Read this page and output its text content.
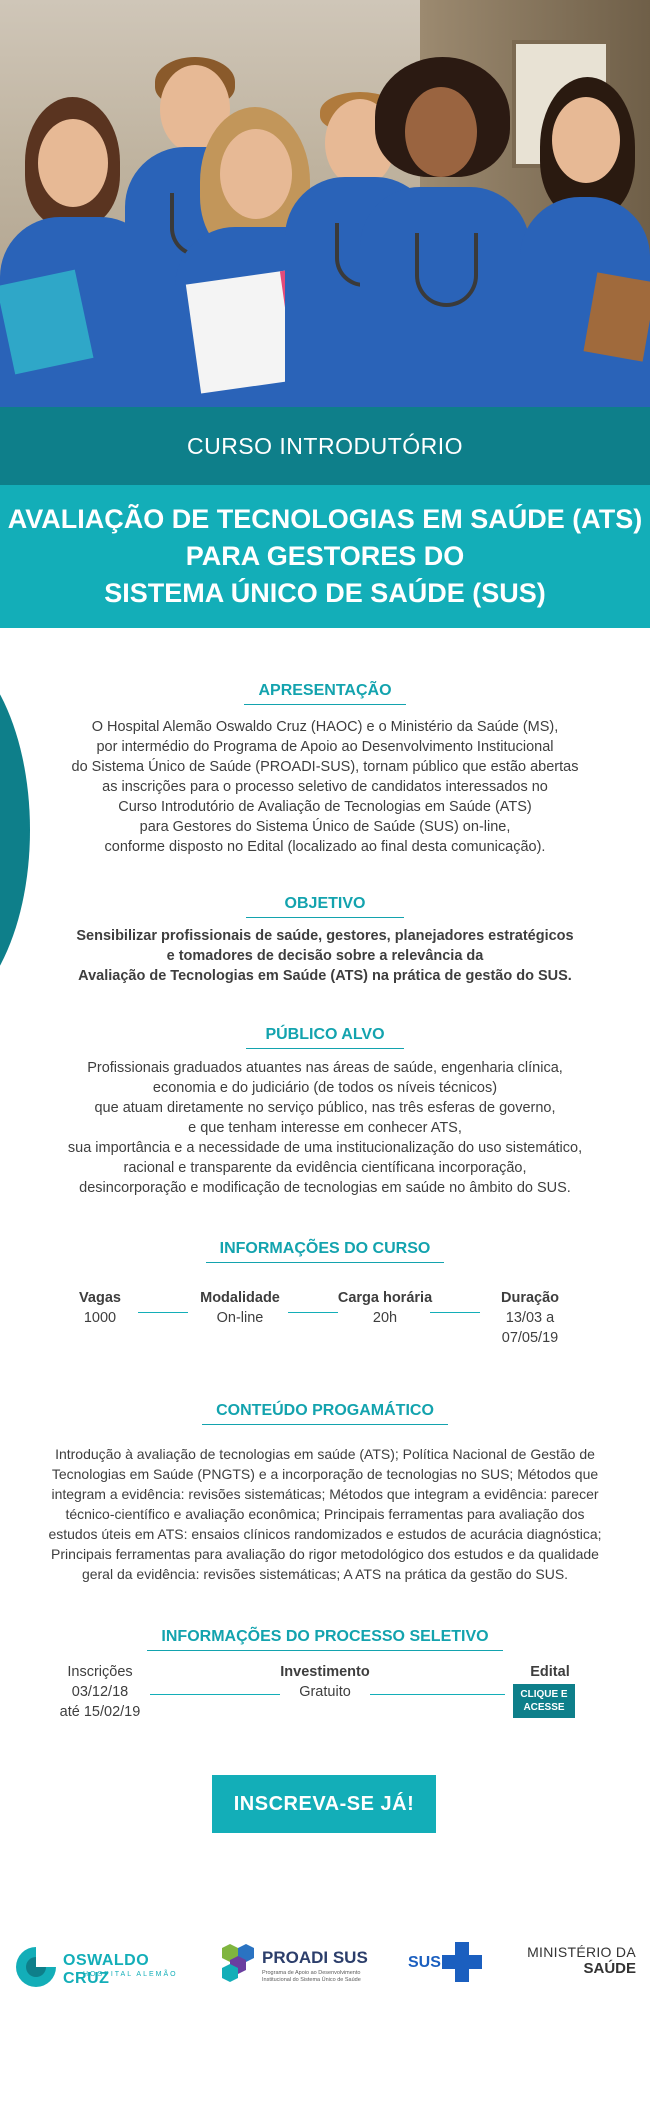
CURSO INTRODUTÓRIO
AVALIAÇÃO DE TECNOLOGIAS EM SAÚDE (ATS)
PARA GESTORES DO
SISTEMA ÚNICO DE SAÚDE (SUS)
APRESENTAÇÃO
O Hospital Alemão Oswaldo Cruz (HAOC) e o Ministério da Saúde (MS),
por intermédio do Programa de Apoio ao Desenvolvimento Institucional
do Sistema Único de Saúde (PROADI-SUS), tornam público que estão abertas
as inscrições para o processo seletivo de candidatos interessados no
Curso Introdutório de Avaliação de Tecnologias em Saúde (ATS)
para Gestores do Sistema Único de Saúde (SUS) on-line,
conforme disposto no Edital (localizado ao final desta comunicação).
OBJETIVO
Sensibilizar profissionais de saúde, gestores, planejadores estratégicos
e tomadores de decisão sobre a relevância da
Avaliação de Tecnologias em Saúde (ATS) na prática de gestão do SUS.
PÚBLICO ALVO
Profissionais graduados atuantes nas áreas de saúde, engenharia clínica,
economia e do judiciário (de todos os níveis técnicos)
que atuam diretamente no serviço público, nas três esferas de governo,
e que tenham interesse em conhecer ATS,
sua importância e a necessidade de uma institucionalização do uso sistemático,
racional e transparente da evidência científicana incorporação,
desincorporação e modificação de tecnologias em saúde no âmbito do SUS.
INFORMAÇÕES DO CURSO
Vagas
1000
Modalidade
On-line
Carga horária
20h
Duração
13/03 a
07/05/19
CONTEÚDO PROGAMÁTICO
Introdução à avaliação de tecnologias em saúde (ATS); Política Nacional de Gestão de
Tecnologias em Saúde (PNGTS) e a incorporação de tecnologias no SUS; Métodos que
integram a evidência: revisões sistemáticas; Métodos que integram a evidência: parecer
técnico-científico e avaliação econômica; Principais ferramentas para avaliação dos
estudos úteis em ATS: ensaios clínicos randomizados e estudos de acurácia diagnóstica;
Principais ferramentas para avaliação do rigor metodológico dos estudos e da qualidade
geral da evidência: revisões sistemáticas; A ATS na prática da gestão do SUS.
INFORMAÇÕES DO PROCESSO SELETIVO
Inscrições
03/12/18
até 15/02/19
Investimento
Gratuito
Edital
CLIQUE E
ACESSE
INSCREVA-SE JÁ!
OSWALDO CRUZ
HOSPITAL ALEMÃO
PROADI SUS
Programa de Apoio ao Desenvolvimento
Institucional do Sistema Único de Saúde
SUS
MINISTÉRIO DA
SAÚDE
